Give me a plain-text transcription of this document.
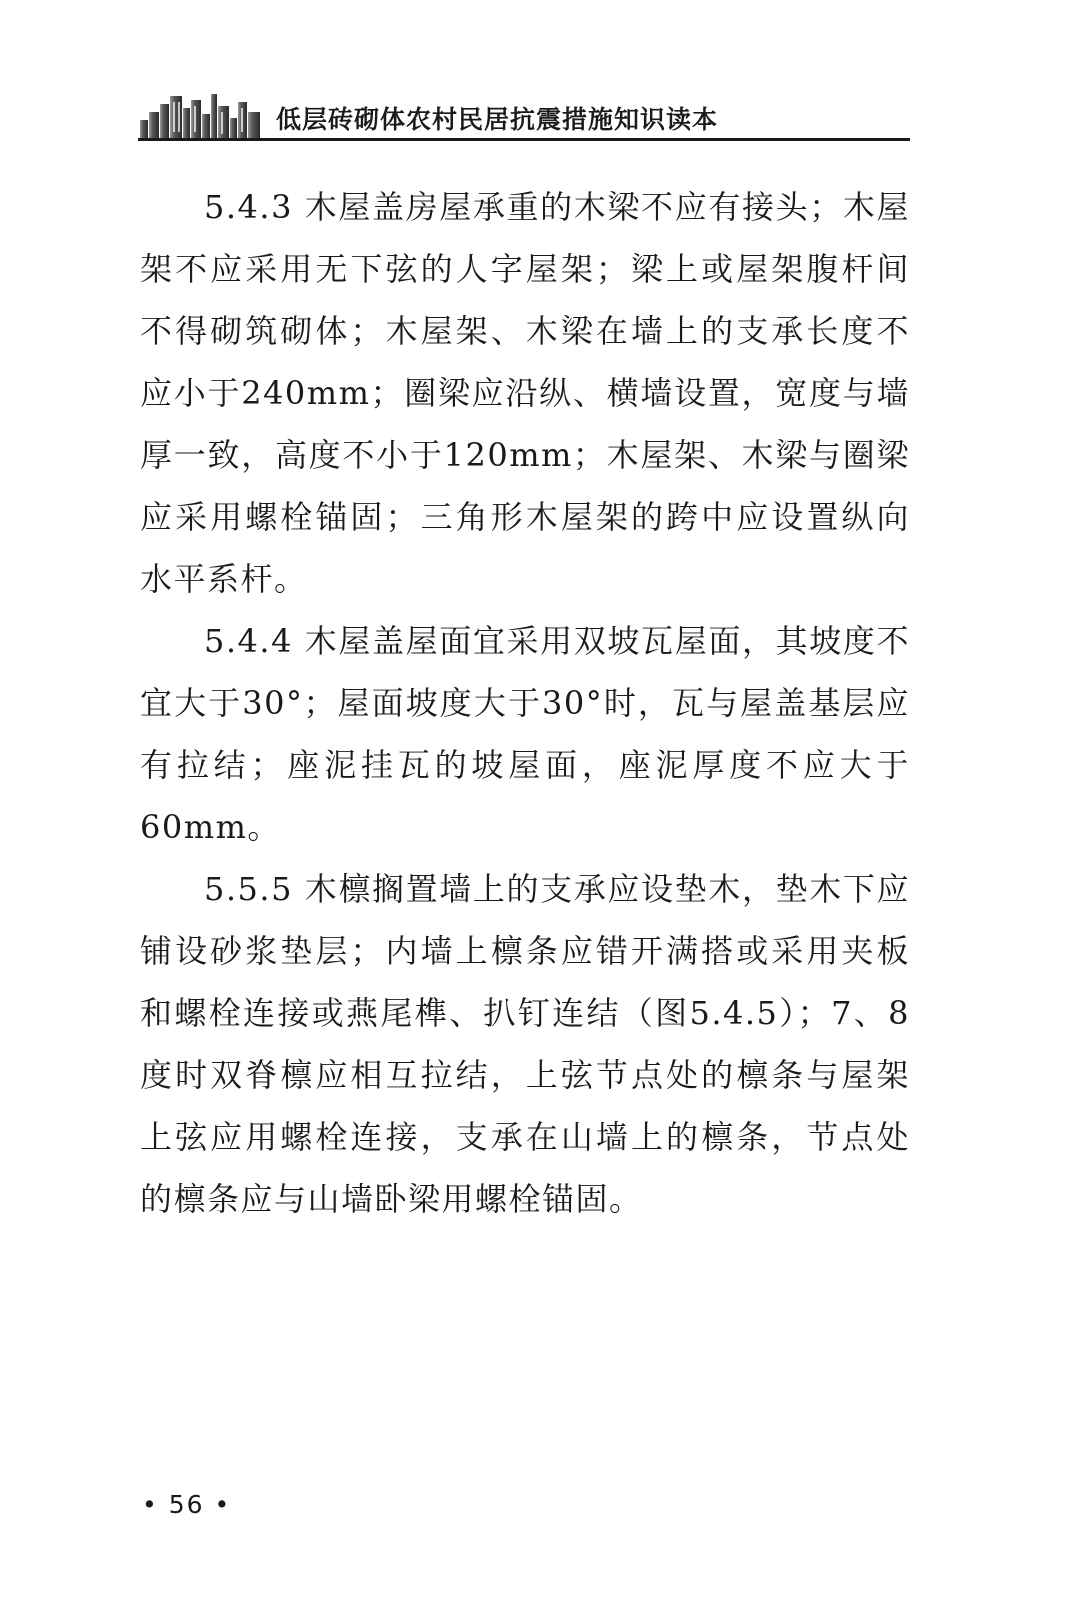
低层砖砌体农村民居抗震措施知识读本

5.4.3 木屋盖房屋承重的木梁不应有接头；木屋架不应采用无下弦的人字屋架；梁上或屋架腹杆间不得砌筑砌体；木屋架、木梁在墙上的支承长度不应小于240mm；圈梁应沿纵、横墙设置，宽度与墙厚一致，高度不小于120mm；木屋架、木梁与圈梁应采用螺栓锚固；三角形木屋架的跨中应设置纵向水平系杆。

5.4.4 木屋盖屋面宜采用双坡瓦屋面，其坡度不宜大于30°；屋面坡度大于30°时，瓦与屋盖基层应有拉结；座泥挂瓦的坡屋面，座泥厚度不应大于60mm。

5.5.5 木檩搁置墙上的支承应设垫木，垫木下应铺设砂浆垫层；内墙上檩条应错开满搭或采用夹板和螺栓连接或燕尾榫、扒钉连结（图5.4.5）；7、8度时双脊檩应相互拉结，上弦节点处的檩条与屋架上弦应用螺栓连接，支承在山墙上的檩条，节点处的檩条应与山墙卧梁用螺栓锚固。

• 56 •
